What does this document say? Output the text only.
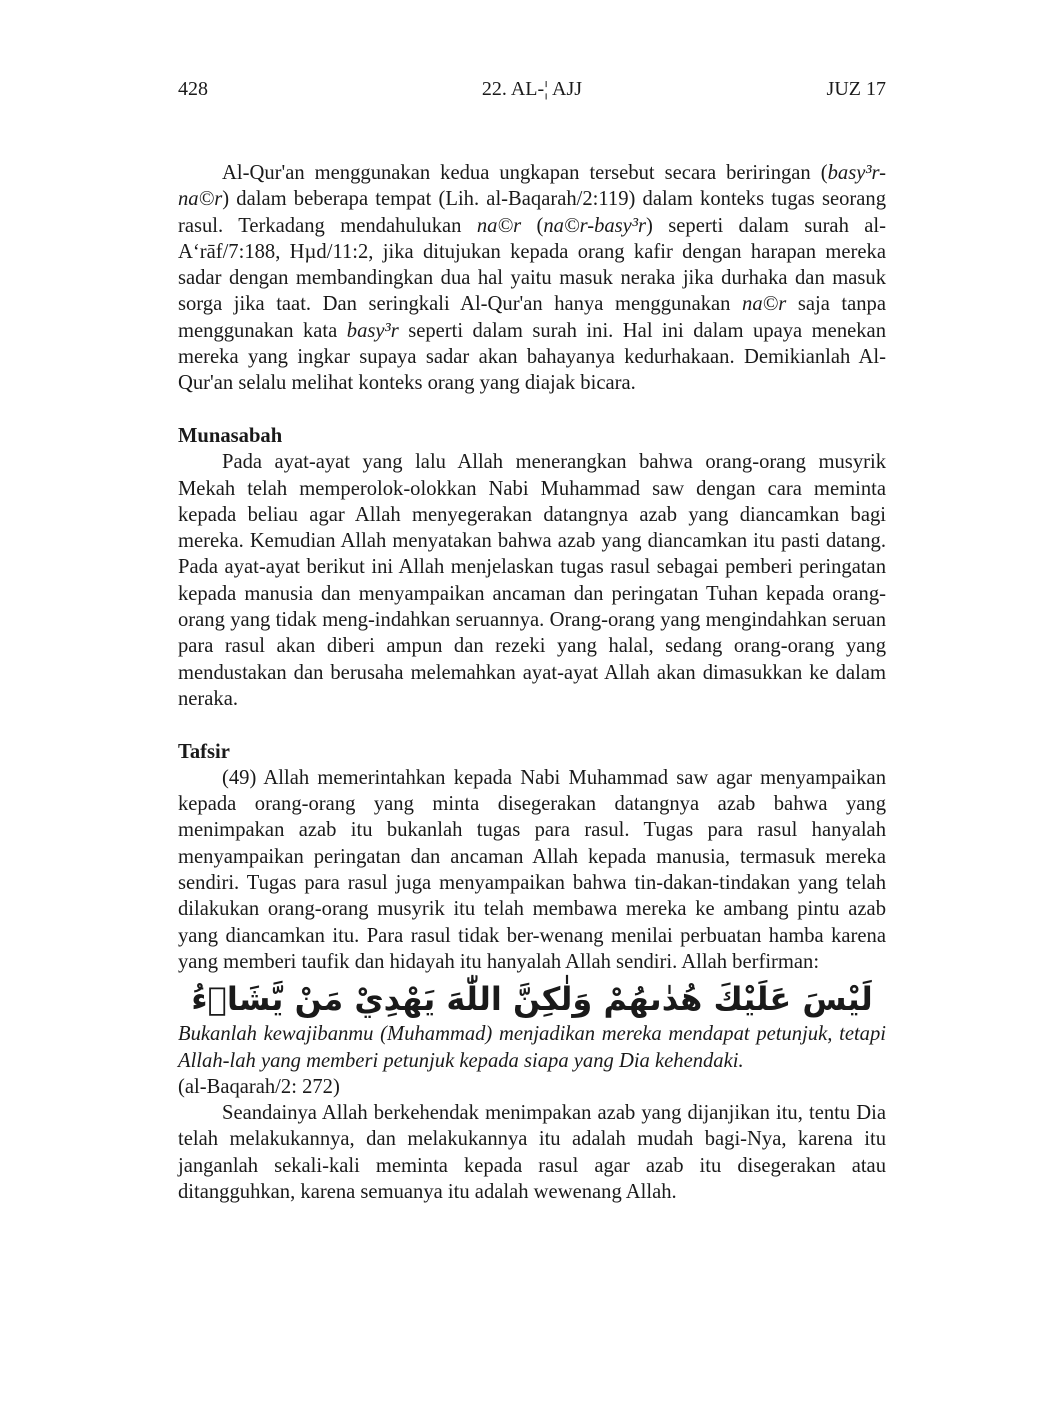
428	22. AL-¦ AJJ	JUZ 17

Al-Qur'an menggunakan kedua ungkapan tersebut secara beriringan (basy³r-na©r) dalam beberapa tempat (Lih. al-Baqarah/2:119) dalam konteks tugas seorang rasul. Terkadang mendahulukan na©r (na©r-basy³r) seperti dalam surah al-A‘rāf/7:188, Hµd/11:2, jika ditujukan kepada orang kafir dengan harapan mereka sadar dengan membandingkan dua hal yaitu masuk neraka jika durhaka dan masuk sorga jika taat. Dan seringkali Al-Qur'an hanya menggunakan na©r saja tanpa menggunakan kata basy³r seperti dalam surah ini. Hal ini dalam upaya menekan mereka yang ingkar supaya sadar akan bahayanya kedurhakaan. Demikianlah Al-Qur'an selalu melihat konteks orang yang diajak bicara.

Munasabah

Pada ayat-ayat yang lalu Allah menerangkan bahwa orang-orang musyrik Mekah telah memperolok-olokkan Nabi Muhammad saw dengan cara meminta kepada beliau agar Allah menyegerakan datangnya azab yang diancamkan bagi mereka. Kemudian Allah menyatakan bahwa azab yang diancamkan itu pasti datang. Pada ayat-ayat berikut ini Allah menjelaskan tugas rasul sebagai pemberi peringatan kepada manusia dan menyampaikan ancaman dan peringatan Tuhan kepada orang-orang yang tidak meng-indahkan seruannya. Orang-orang yang mengindahkan seruan para rasul akan diberi ampun dan rezeki yang halal, sedang orang-orang yang mendustakan dan berusaha melemahkan ayat-ayat Allah akan dimasukkan ke dalam neraka.

Tafsir

(49) Allah memerintahkan kepada Nabi Muhammad saw agar menyampaikan kepada orang-orang yang minta disegerakan datangnya azab bahwa yang menimpakan azab itu bukanlah tugas para rasul. Tugas para rasul hanyalah menyampaikan peringatan dan ancaman Allah kepada manusia, termasuk mereka sendiri. Tugas para rasul juga menyampaikan bahwa tin-dakan-tindakan yang telah dilakukan orang-orang musyrik itu telah membawa mereka ke ambang pintu azab yang diancamkan itu. Para rasul tidak ber-wenang menilai perbuatan hamba karena yang memberi taufik dan hidayah itu hanyalah Allah sendiri. Allah berfirman:

لَيْسَ عَلَيْكَ هُدٰىهُمْ وَلٰكِنَّ اللّٰهَ يَهْدِيْ مَنْ يَّشَاۤءُ

Bukanlah kewajibanmu (Muhammad) menjadikan mereka mendapat petunjuk, tetapi Allah-lah yang memberi petunjuk kepada siapa yang Dia kehendaki.

(al-Baqarah/2: 272)

Seandainya Allah berkehendak menimpakan azab yang dijanjikan itu, tentu Dia telah melakukannya, dan melakukannya itu adalah mudah bagi-Nya, karena itu janganlah sekali-kali meminta kepada rasul agar azab itu disegerakan atau ditangguhkan, karena semuanya itu adalah wewenang Allah.
